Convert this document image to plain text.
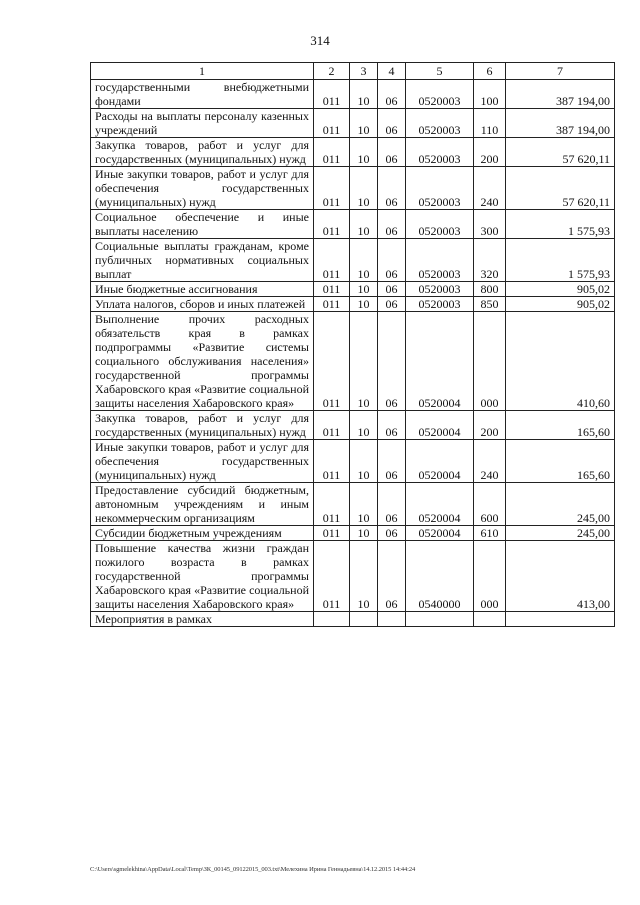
314
1	2	3	4	5	6	7
государственными внебюджетными фондами	011	10	06	0520003	100	387 194,00
Расходы на выплаты персоналу казенных учреждений	011	10	06	0520003	110	387 194,00
Закупка товаров, работ и услуг для государственных (муниципальных) нужд	011	10	06	0520003	200	57 620,11
Иные закупки товаров, работ и услуг для обеспечения государственных (муниципальных) нужд	011	10	06	0520003	240	57 620,11
Социальное обеспечение и иные выплаты населению	011	10	06	0520003	300	1 575,93
Социальные выплаты гражданам, кроме публичных нормативных социальных выплат	011	10	06	0520003	320	1 575,93
Иные бюджетные ассигнования	011	10	06	0520003	800	905,02
Уплата налогов, сборов и иных платежей	011	10	06	0520003	850	905,02
Выполнение прочих расходных обязательств края в рамках подпрограммы «Развитие системы социального обслуживания населения» государственной программы Хабаровского края «Развитие социальной защиты населения Хабаровского края»	011	10	06	0520004	000	410,60
Закупка товаров, работ и услуг для государственных (муниципальных) нужд	011	10	06	0520004	200	165,60
Иные закупки товаров, работ и услуг для обеспечения государственных (муниципальных) нужд	011	10	06	0520004	240	165,60
Предоставление субсидий бюджетным, автономным учреждениям и иным некоммерческим организациям	011	10	06	0520004	600	245,00
Субсидии бюджетным учреждениям	011	10	06	0520004	610	245,00
Повышение качества жизни граждан пожилого возраста в рамках государственной программы Хабаровского края «Развитие социальной защиты населения Хабаровского края»	011	10	06	0540000	000	413,00
Мероприятия в рамках						
C:\Users\sgmelekhina\AppData\Local\Temp\ЗК_00145_09122015_003.txt\Мелехина Ирина Геннадьевна\14.12.2015 14:44:24
